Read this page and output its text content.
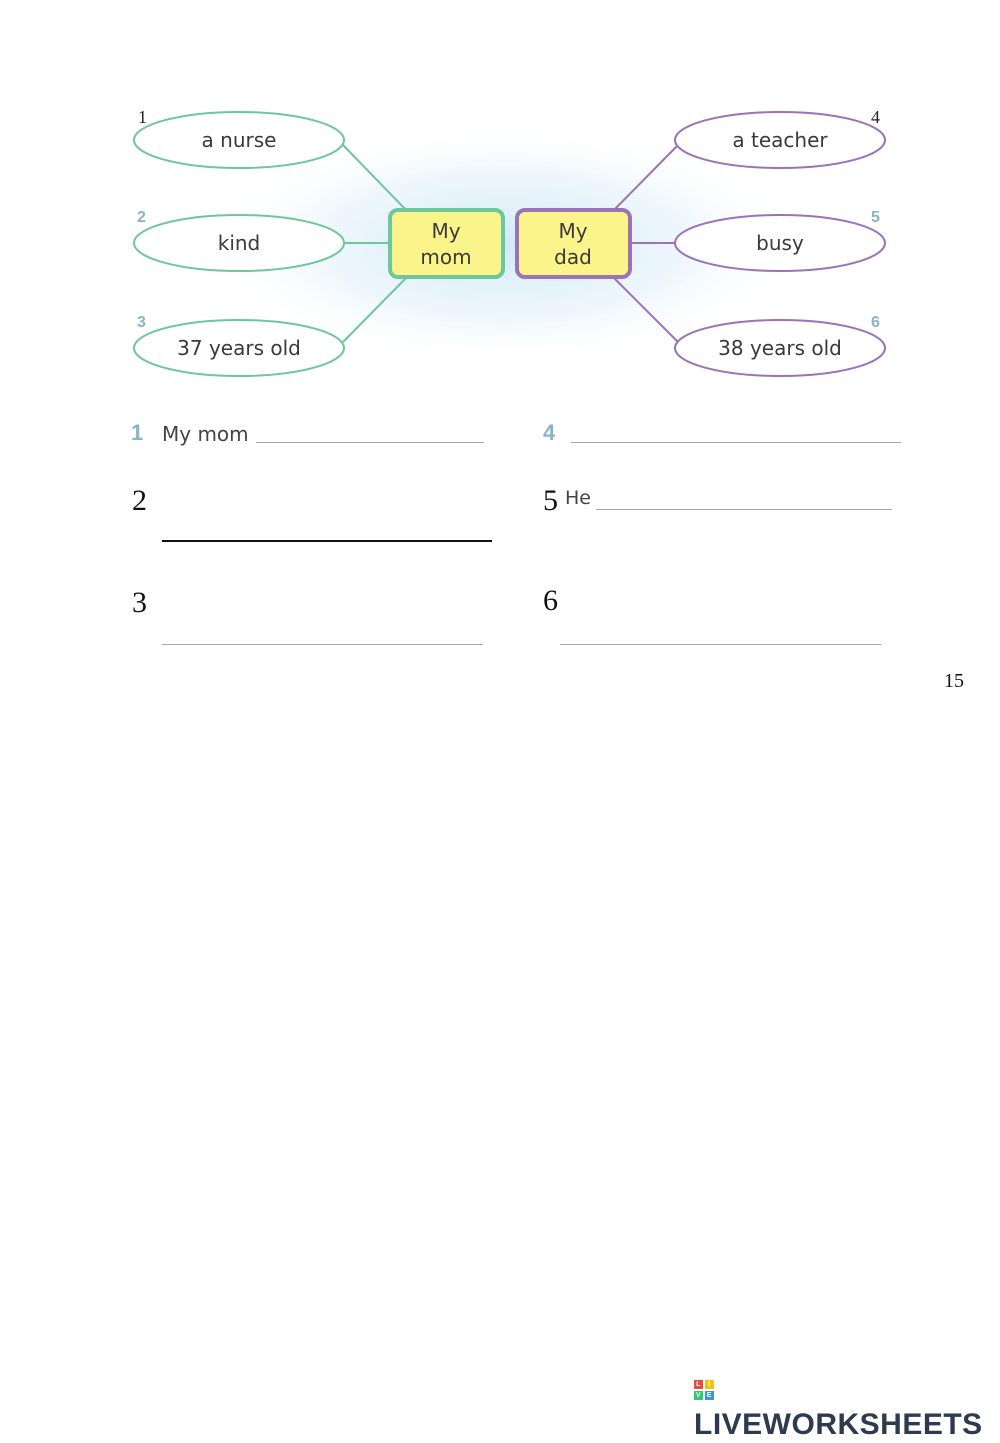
a nurse
kind
37 years old
a teacher
busy
38 years old
1
2
3
4
5
6
My
mom
My
dad
1 My mom	4
2	5 He
3	6
15
L	I
V E
LIVEWORKSHEETS
